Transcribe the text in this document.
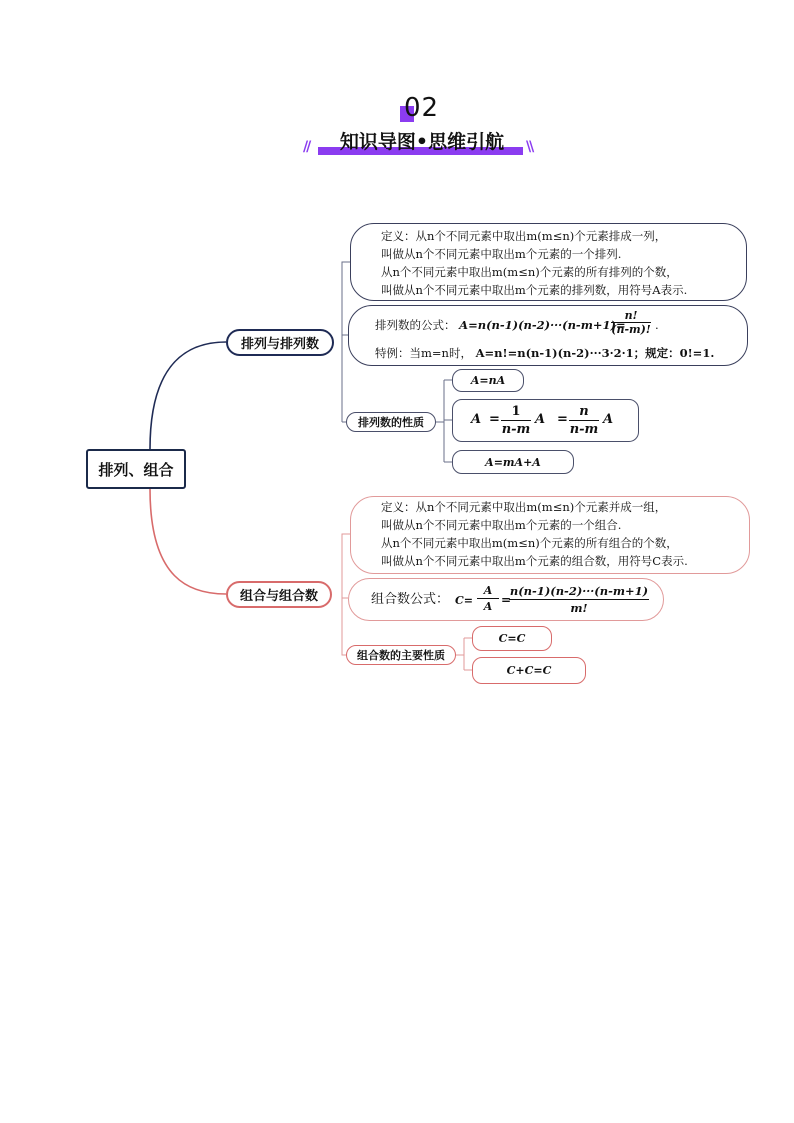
02
//	知识导图•思维引航	\\
排列、组合
排列与排列数
定义：从n个不同元素中取出m(m≤n)个元素排成一列，
叫做从n个不同元素中取出m个元素的一个排列.
从n个不同元素中取出m(m≤n)个元素的所有排列的个数，
叫做从n个不同元素中取出m个元素的排列数，用符号A表示.
排列数的公式： A=n(n-1)(n-2)···(n-m+1)=
n!
(n-m)! .
特例：当m=n时， A=n!=n(n-1)(n-2)···3·2·1；规定：0!=1.
排列数的性质
A=nA
A =
1
n-m
A =
n
n-m
A
A=mA+A
组合与组合数
定义：从n个不同元素中取出m(m≤n)个元素并成一组，
叫做从n个不同元素中取出m个元素的一个组合.
从n个不同元素中取出m(m≤n)个元素的所有组合的个数，
叫做从n个不同元素中取出m个元素的组合数，用符号C表示.
组合数公式： C=
A
A =
n(n-1)(n-2)···(n-m+1)
m!
组合数的主要性质
C=C
C+C=C
